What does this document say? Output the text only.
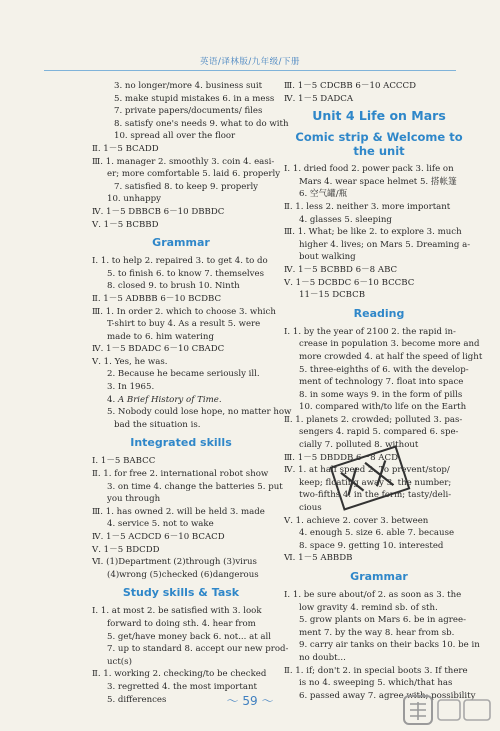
英语/译林版/九年级/下册
3. no longer/more 4. business suit
5. make stupid mistakes 6. in a mess
7. private papers/documents/ files
8. satisfy one's needs 9. what to do with
10. spread all over the floor
Ⅱ. 1－5 BCADD
Ⅲ. 1. manager 2. smoothly 3. coin 4. easi-
er; more comfortable 5. laid 6. properly
7. satisfied 8. to keep 9. properly
10. unhappy
Ⅳ. 1－5 DBBCB 6－10 DBBDC
Ⅴ. 1－5 BCBBD
Grammar
Ⅰ. 1. to help 2. repaired 3. to get 4. to do
5. to finish 6. to know 7. themselves
8. closed 9. to brush 10. Ninth
Ⅱ. 1－5 ADBBB 6－10 BCDBC
Ⅲ. 1. In order 2. which to choose 3. which
T-shirt to buy 4. As a result 5. were
made to 6. him watering
Ⅳ. 1－5 BDADC 6－10 CBADC
Ⅴ. 1. Yes, he was.
2. Because he became seriously ill.
3. In 1965.
4. A Brief History of Time.
5. Nobody could lose hope, no matter how
bad the situation is.
Integrated skills
Ⅰ. 1－5 BABCC
Ⅱ. 1. for free 2. international robot show
3. on time 4. change the batteries 5. put
you through
Ⅲ. 1. has owned 2. will be held 3. made
4. service 5. not to wake
Ⅳ. 1－5 ACDCD 6－10 BCACD
Ⅴ. 1－5 BDCDD
Ⅵ. (1)Department (2)through (3)virus
(4)wrong (5)checked (6)dangerous
Study skills & Task
Ⅰ. 1. at most 2. be satisfied with 3. look
forward to doing sth. 4. hear from
5. get/have money back 6. not... at all
7. up to standard 8. accept our new prod-
uct(s)
Ⅱ. 1. working 2. checking/to be checked
3. regretted 4. the most important
5. differences
Ⅲ. 1－5 CDCBB 6－10 ACCCD
Ⅳ. 1－5 DADCA
Unit 4 Life on Mars
Comic strip & Welcome to the unit
Ⅰ. 1. dried food 2. power pack 3. life on
Mars 4. wear space helmet 5. 搭帐篷
6. 空气罐/瓶
Ⅱ. 1. less 2. neither 3. more important
4. glasses 5. sleeping
Ⅲ. 1. What; be like 2. to explore 3. much
higher 4. lives; on Mars 5. Dreaming a-
bout walking
Ⅳ. 1－5 BCBBD 6－8 ABC
Ⅴ. 1－5 DCBDC 6－10 BCCBC
11－15 DCBCB
Reading
Ⅰ. 1. by the year of 2100 2. the rapid in-
crease in population 3. become more and
more crowded 4. at half the speed of light
5. three-eighths of 6. with the develop-
ment of technology 7. float into space
8. in some ways 9. in the form of pills
10. compared with/to life on the Earth
Ⅱ. 1. planets 2. crowded; polluted 3. pas-
sengers 4. rapid 5. compared 6. spe-
cially 7. polluted 8. without
Ⅲ. 1－5 DBDDB 6－8 ACD
Ⅳ. 1. at half speed 2. To prevent/stop/
keep; floating away 3. the number;
two-fifths 4. in the form; tasty/deli-
cious
Ⅴ. 1. achieve 2. cover 3. between
4. enough 5. size 6. able 7. because
8. space 9. getting 10. interested
Ⅵ. 1－5 ABBDB
Grammar
Ⅰ. 1. be sure about/of 2. as soon as 3. the
low gravity 4. remind sb. of sth.
5. grow plants on Mars 6. be in agree-
ment 7. by the way 8. hear from sb.
9. carry air tanks on their backs 10. be in
no doubt...
Ⅱ. 1. if; don't 2. in special boots 3. If there
is no 4. sweeping 5. which/that has
6. passed away 7. agree with; possibility
～ 59 ～
